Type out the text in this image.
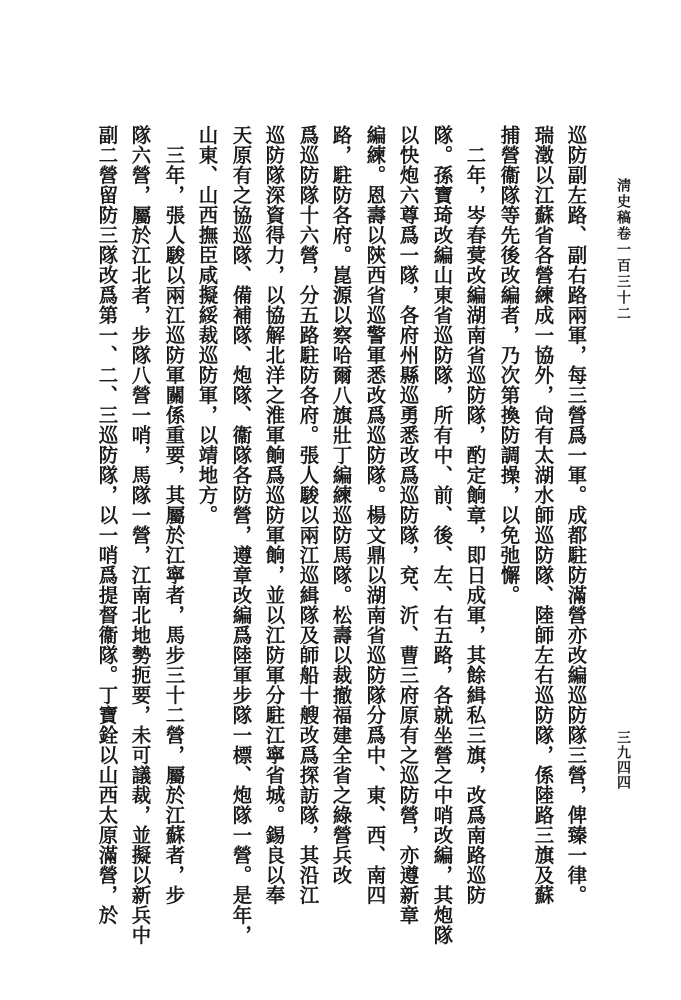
淸史稿卷一百三十二
三九四四
巡防副左路、副右路兩軍，每三營爲一軍。成都駐防滿營亦改編巡防隊三營，俾臻一律。
瑞澂以江蘇省各營練成一協外，尙有太湖水師巡防隊、陸師左右巡防隊，係陸路三旗及蘇
捕營衞隊等先後改編者，乃次第換防調操，以免弛懈。
　二年，岑春蓂改編湖南省巡防隊，酌定餉章，即日成軍，其餘緝私三旗，改爲南路巡防
隊。孫寶琦改編山東省巡防隊，所有中、前、後、左、右五路，各就坐營之中哨改編，其炮隊
以快炮六尊爲一隊，各府州縣巡勇悉改爲巡防隊，兗、沂、曹三府原有之巡防營，亦遵新章
編練。恩壽以陝西省巡警軍悉改爲巡防隊。楊文鼎以湖南省巡防隊分爲中、東、西、南四
路，駐防各府。崑源以察哈爾八旗壯丁編練巡防馬隊。松壽以裁撤福建全省之綠營兵改
爲巡防隊十六營，分五路駐防各府。張人駿以兩江巡緝隊及師船十艘改爲探訪隊，其沿江
巡防隊深資得力，以協解北洋之淮軍餉爲巡防軍餉，並以江防軍分駐江寧省城。錫良以奉
天原有之協巡隊、備補隊、炮隊、衞隊各防營，遵章改編爲陸軍步隊一標、炮隊一營。是年，
山東、山西撫臣咸擬綏裁巡防軍，以靖地方。
　三年，張人駿以兩江巡防軍關係重要，其屬於江寧者，馬步三十二營，屬於江蘇者，步
隊六營，屬於江北者，步隊八營一哨，馬隊一營，江南北地勢扼要，未可議裁，並擬以新兵中
副二營留防三隊改爲第一、二、三巡防隊，以一哨爲提督衞隊。丁寶銓以山西太原滿營，於
